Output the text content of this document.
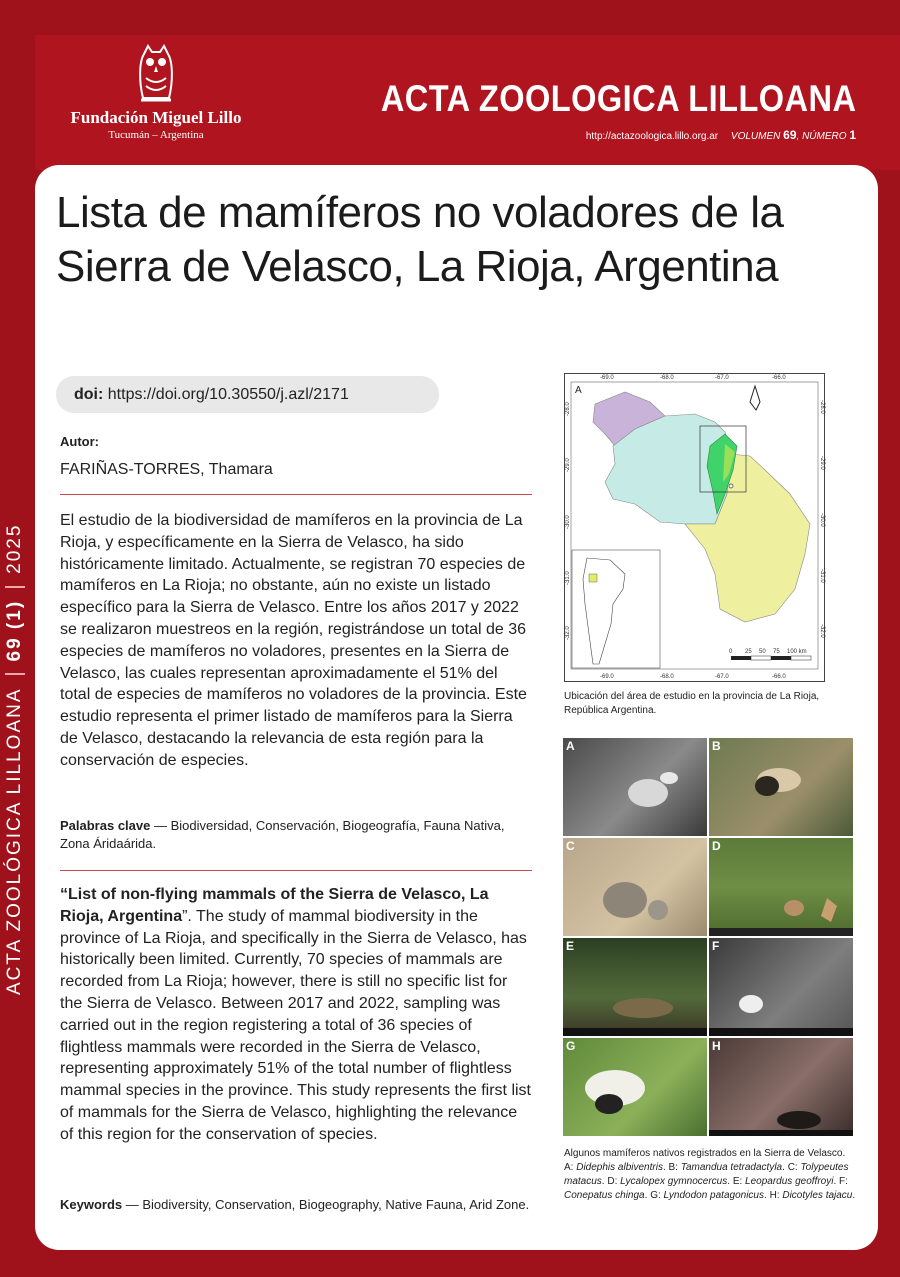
Fundación Miguel Lillo
Tucumán – Argentina
ACTA ZOOLOGICA LILLOANA
http://actazoologica.lillo.org.ar VOLUMEN 69, NÚMERO 1
ACTA ZOOLÓGICA LILLOANA69 (1)2025
Lista de mamíferos no voladores de la Sierra de Velasco, La Rioja, Argentina
doi: https://doi.org/10.30550/j.azl/2171
Autor:
FARIÑAS-TORRES, Thamara

El estudio de la biodiversidad de mamíferos en la provincia de La Rioja, y específicamente en la Sierra de Velasco, ha sido históricamente limitado. Actualmente, se registran 70 especies de mamíferos en La Rioja; no obstante, aún no existe un listado específico para la Sierra de Velasco. Entre los años 2017 y 2022 se realizaron muestreos en la región, registrándose un total de 36 especies de mamíferos no voladores, presentes en la Sierra de Velasco, las cuales representan aproximadamente el 51% del total de especies de mamíferos no voladores de la provincia. Este estudio representa el primer listado de mamíferos para la Sierra de Velasco, destacando la relevancia de esta región para la conservación de especies.

Palabras clave — Biodiversidad, Conservación, Biogeografía, Fauna Nativa, Zona Áridaárida.

“List of non-flying mammals of the Sierra de Velasco, La Rioja, Argentina”. The study of mammal biodiversity in the province of La Rioja, and specifically in the Sierra de Velasco, has historically been limited. Currently, 70 species of mammals are recorded from La Rioja; however, there is still no specific list for the Sierra de Velasco. Between 2017 and 2022, sampling was carried out in the region registering a total of 36 species of flightless mammals were recorded in the Sierra de Velasco, representing approximately 51% of the total number of flightless mammal species in the province. This study represents the first list of mammals for the Sierra de Velasco, highlighting the relevance of this region for the conservation of species.

Keywords — Biodiversity, Conservation, Biogeography, Native Fauna, Arid Zone.

A
-69.0	-68.0	-67.0	-66.0
-69.0	-68.0	-67.0	-66.0
-28.0
-29.0
-30.0
-31.0
-32.0
-28.0
-29.0
-30.0
-31.0
-32.0
0 25 50 75 100 km

Ubicación del área de estudio en la provincia de La Rioja, República Argentina.

A	B
C	D
E	F
G	H

Algunos mamíferos nativos registrados en la Sierra de Velasco. A: Didephis albiventris. B: Tamandua tetradactyla. C: Tolypeutes matacus. D: Lycalopex gymnocercus. E: Leopardus geoffroyi. F: Conepatus chinga. G: Lyndodon patagonicus. H: Dicotyles tajacu.
